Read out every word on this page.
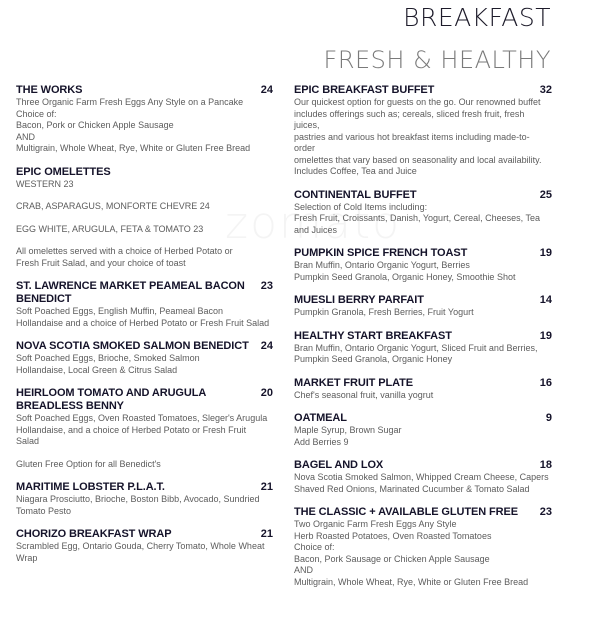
BREAKFAST
FRESH & HEALTHY
THE WORKS	24
Three Organic Farm Fresh Eggs Any Style on a Pancake
Choice of:
Bacon, Pork or Chicken Apple Sausage
AND
Multigrain, Whole Wheat, Rye, White or Gluten Free Bread
EPIC OMELETTES
WESTERN 23
CRAB, ASPARAGUS, MONFORTE CHEVRE 24
EGG WHITE, ARUGULA, FETA & TOMATO 23
All omelettes served with a choice of Herbed Potato or
Fresh Fruit Salad, and your choice of toast
ST. LAWRENCE MARKET PEAMEAL BACON BENEDICT
23
Soft Poached Eggs, English Muffin, Peameal Bacon
Hollandaise and a choice of Herbed Potato or Fresh Fruit Salad
NOVA SCOTIA SMOKED SALMON BENEDICT 24
Soft Poached Eggs, Brioche, Smoked Salmon
Hollandaise, Local Green & Citrus Salad
HEIRLOOM TOMATO AND ARUGULA BREADLESS BENNY
20
Soft Poached Eggs, Oven Roasted Tomatoes, Sleger's Arugula
Hollandaise, and a choice of Herbed Potato or Fresh Fruit
Salad
Gluten Free Option for all Benedict's
MARITIME LOBSTER P.L.A.T.	21
Niagara Prosciutto, Brioche, Boston Bibb, Avocado, Sundried
Tomato Pesto
CHORIZO BREAKFAST WRAP	21
Scrambled Egg, Ontario Gouda, Cherry Tomato, Whole Wheat
Wrap
EPIC BREAKFAST BUFFET	32
Our quickest option for guests on the go. Our renowned buffet
includes offerings such as; cereals, sliced fresh fruit, fresh
juices,
pastries and various hot breakfast items including made-to-
order
omelettes that vary based on seasonality and local availability.
Includes Coffee, Tea and Juice
CONTINENTAL BUFFET	25
Selection of Cold Items including:
Fresh Fruit, Croissants, Danish, Yogurt, Cereal, Cheeses, Tea
and Juices
PUMPKIN SPICE FRENCH TOAST	19
Bran Muffin, Ontario Organic Yogurt, Berries
Pumpkin Seed Granola, Organic Honey, Smoothie Shot
MUESLI BERRY PARFAIT	14
Pumpkin Granola, Fresh Berries, Fruit Yogurt
HEALTHY START BREAKFAST	19
Bran Muffin, Ontario Organic Yogurt, Sliced Fruit and Berries,
Pumpkin Seed Granola, Organic Honey
MARKET FRUIT PLATE	16
Chef's seasonal fruit, vanilla yogrut
OATMEAL	9
Maple Syrup, Brown Sugar
Add Berries 9
BAGEL AND LOX	18
Nova Scotia Smoked Salmon, Whipped Cream Cheese, Capers
Shaved Red Onions, Marinated Cucumber & Tomato Salad
THE CLASSIC + AVAILABLE GLUTEN FREE 23
Two Organic Farm Fresh Eggs Any Style
Herb Roasted Potatoes, Oven Roasted Tomatoes
Choice of:
Bacon, Pork Sausage or Chicken Apple Sausage
AND
Multigrain, Whole Wheat, Rye, White or Gluten Free Bread
